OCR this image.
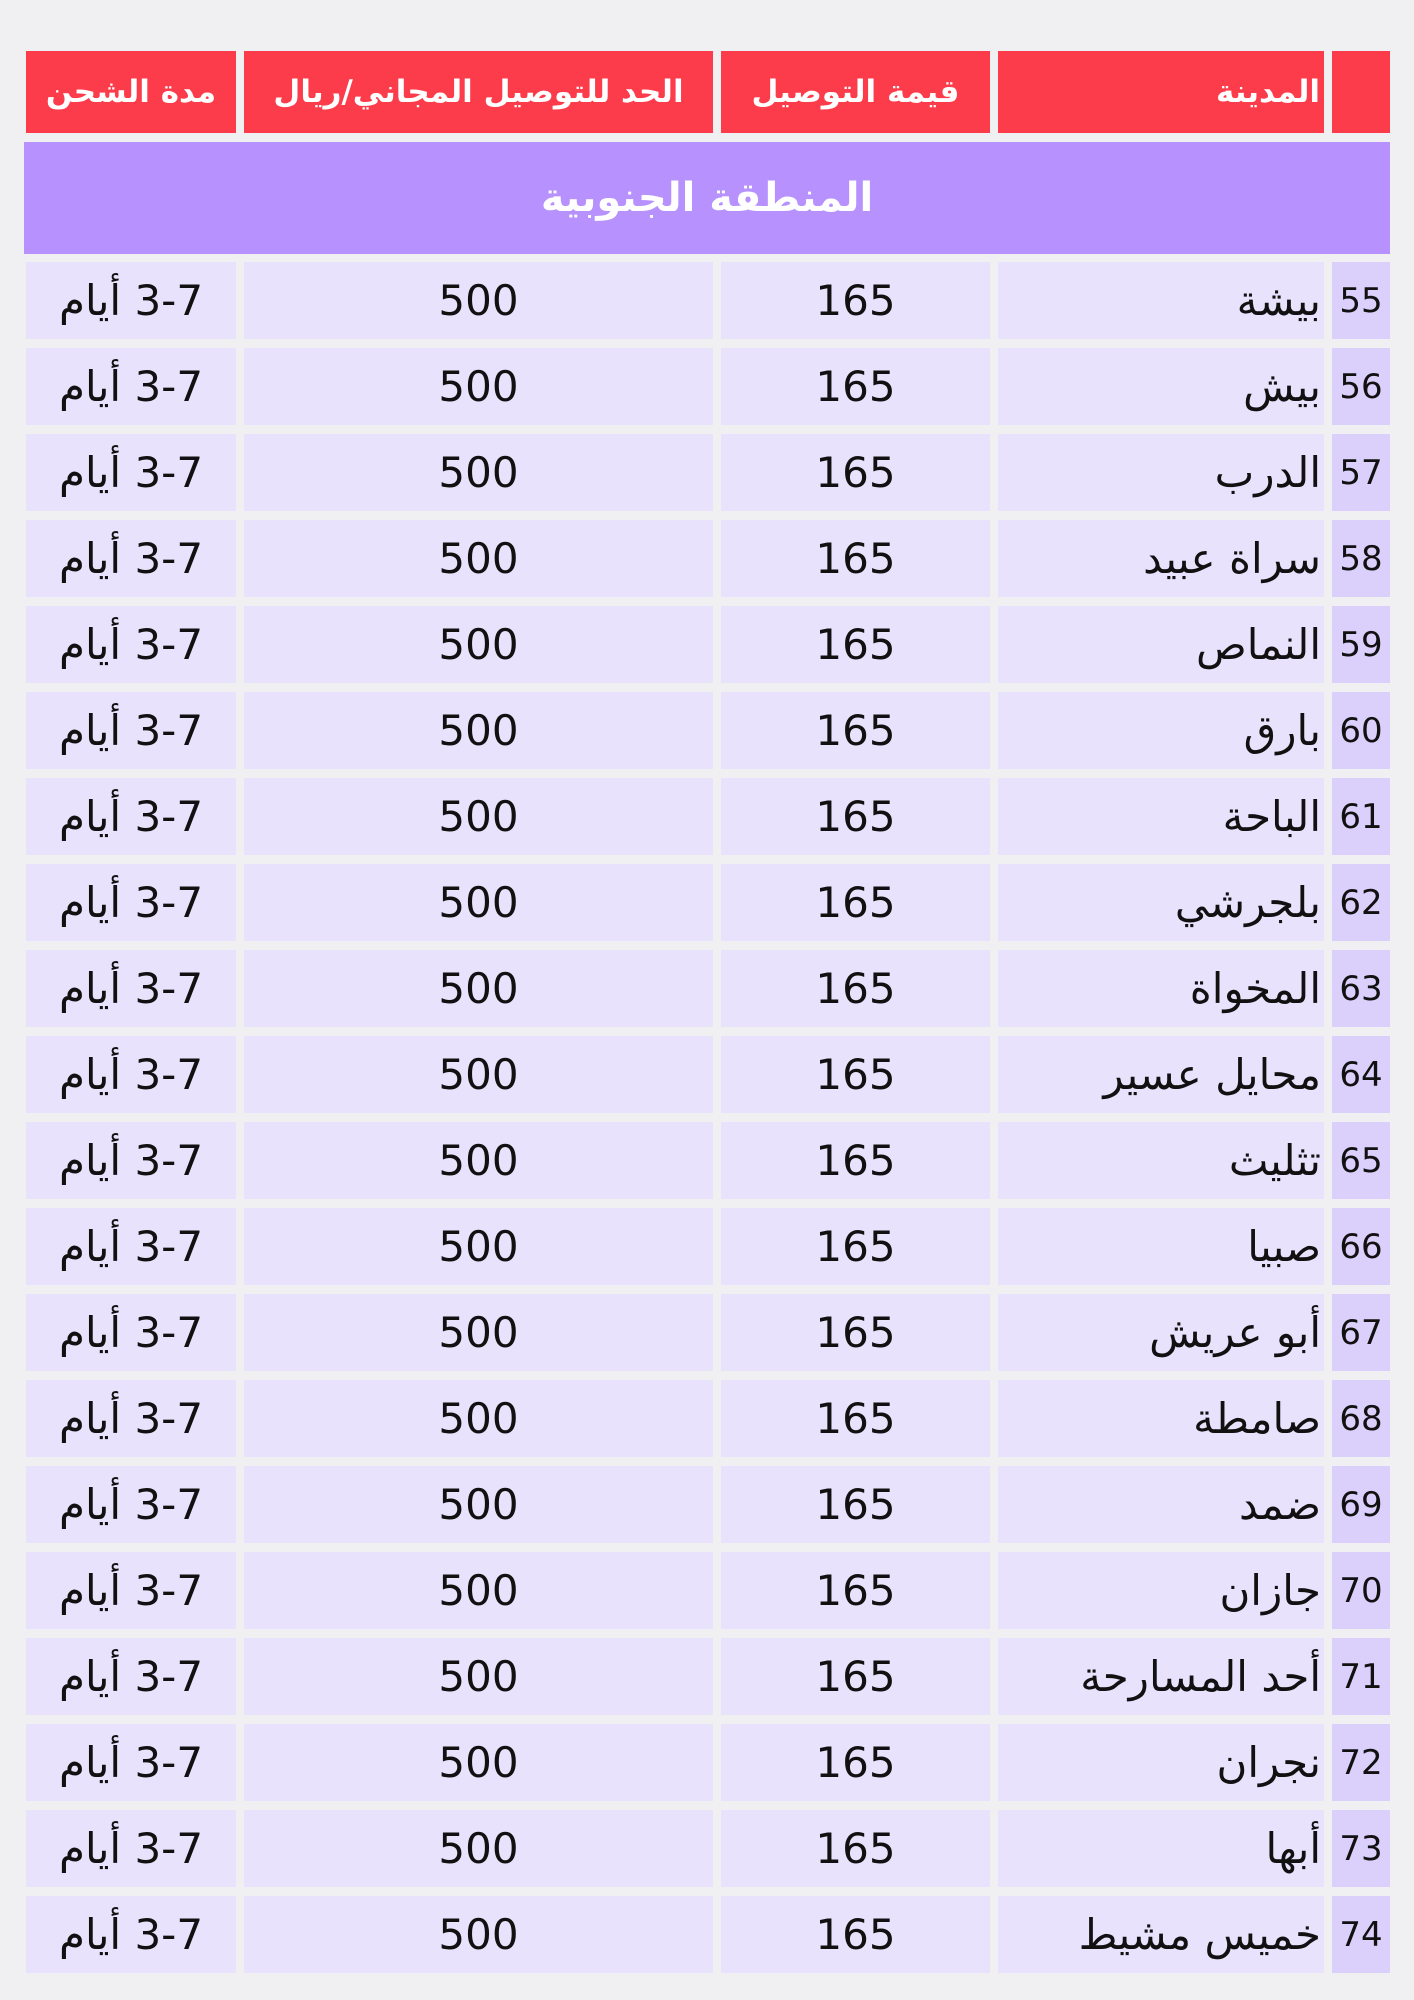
المدينة
قيمة التوصيل
الحد للتوصيل المجاني/ريال
مدة الشحن
المنطقة الجنوبية
55
بيشة
165
500
3-7 أيام
56
بيش
165
500
3-7 أيام
57
الدرب
165
500
3-7 أيام
58
سراة عبيد
165
500
3-7 أيام
59
النماص
165
500
3-7 أيام
60
بارق
165
500
3-7 أيام
61
الباحة
165
500
3-7 أيام
62
بلجرشي
165
500
3-7 أيام
63
المخواة
165
500
3-7 أيام
64
محايل عسير
165
500
3-7 أيام
65
تثليث
165
500
3-7 أيام
66
صبيا
165
500
3-7 أيام
67
أبو عريش
165
500
3-7 أيام
68
صامطة
165
500
3-7 أيام
69
ضمد
165
500
3-7 أيام
70
جازان
165
500
3-7 أيام
71
أحد المسارحة
165
500
3-7 أيام
72
نجران
165
500
3-7 أيام
73
أبها
165
500
3-7 أيام
74
خميس مشيط
165
500
3-7 أيام
